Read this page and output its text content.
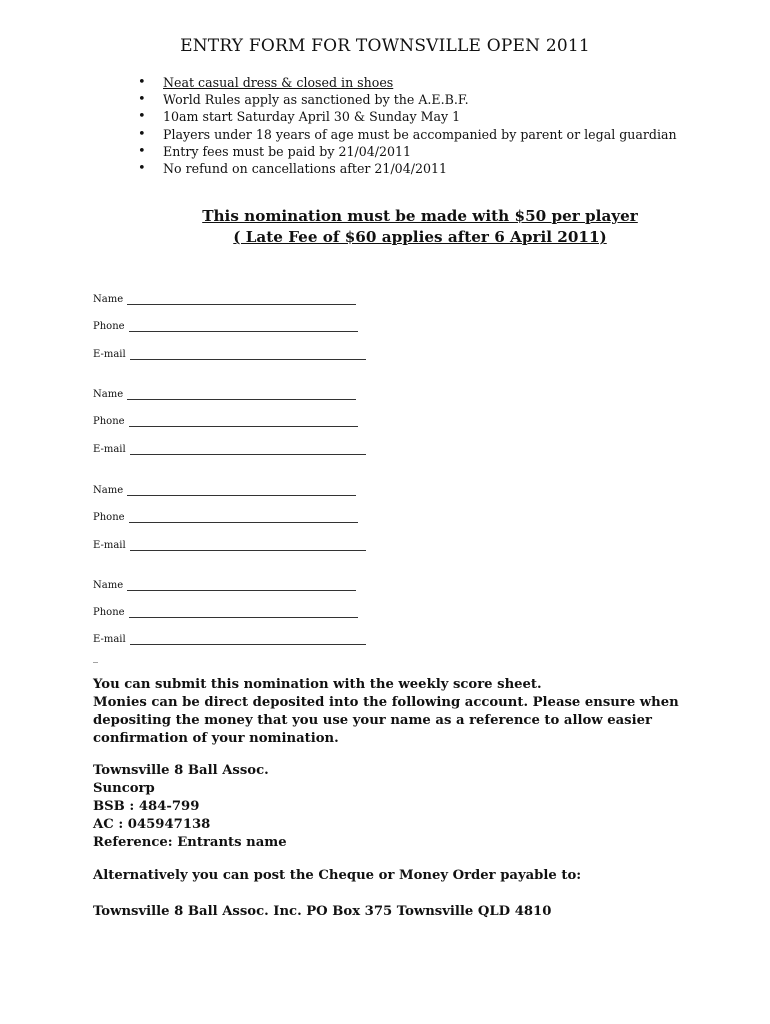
ENTRY FORM FOR TOWNSVILLE OPEN 2011
• Neat casual dress & closed in shoes
• World Rules apply as sanctioned by the A.E.B.F.
• 10am start Saturday April 30 & Sunday May 1
• Players under 18 years of age must be accompanied by parent or legal guardian
• Entry fees must be paid by 21/04/2011
• No refund on cancellations after 21/04/2011
This nomination must be made with $50 per player
( Late Fee of $60 applies after 6 April 2011)
Name
Phone
E-mail
Name
Phone
E-mail
Name
Phone
E-mail
Name
Phone
E-mail
_
You can submit this nomination with the weekly score sheet.
Monies can be direct deposited into the following account. Please ensure when
depositing the money that you use your name as a reference to allow easier
confirmation of your nomination.
Townsville 8 Ball Assoc.
Suncorp
BSB : 484-799
AC : 045947138
Reference: Entrants name
Alternatively you can post the Cheque or Money Order payable to:
Townsville 8 Ball Assoc. Inc. PO Box 375 Townsville QLD 4810
